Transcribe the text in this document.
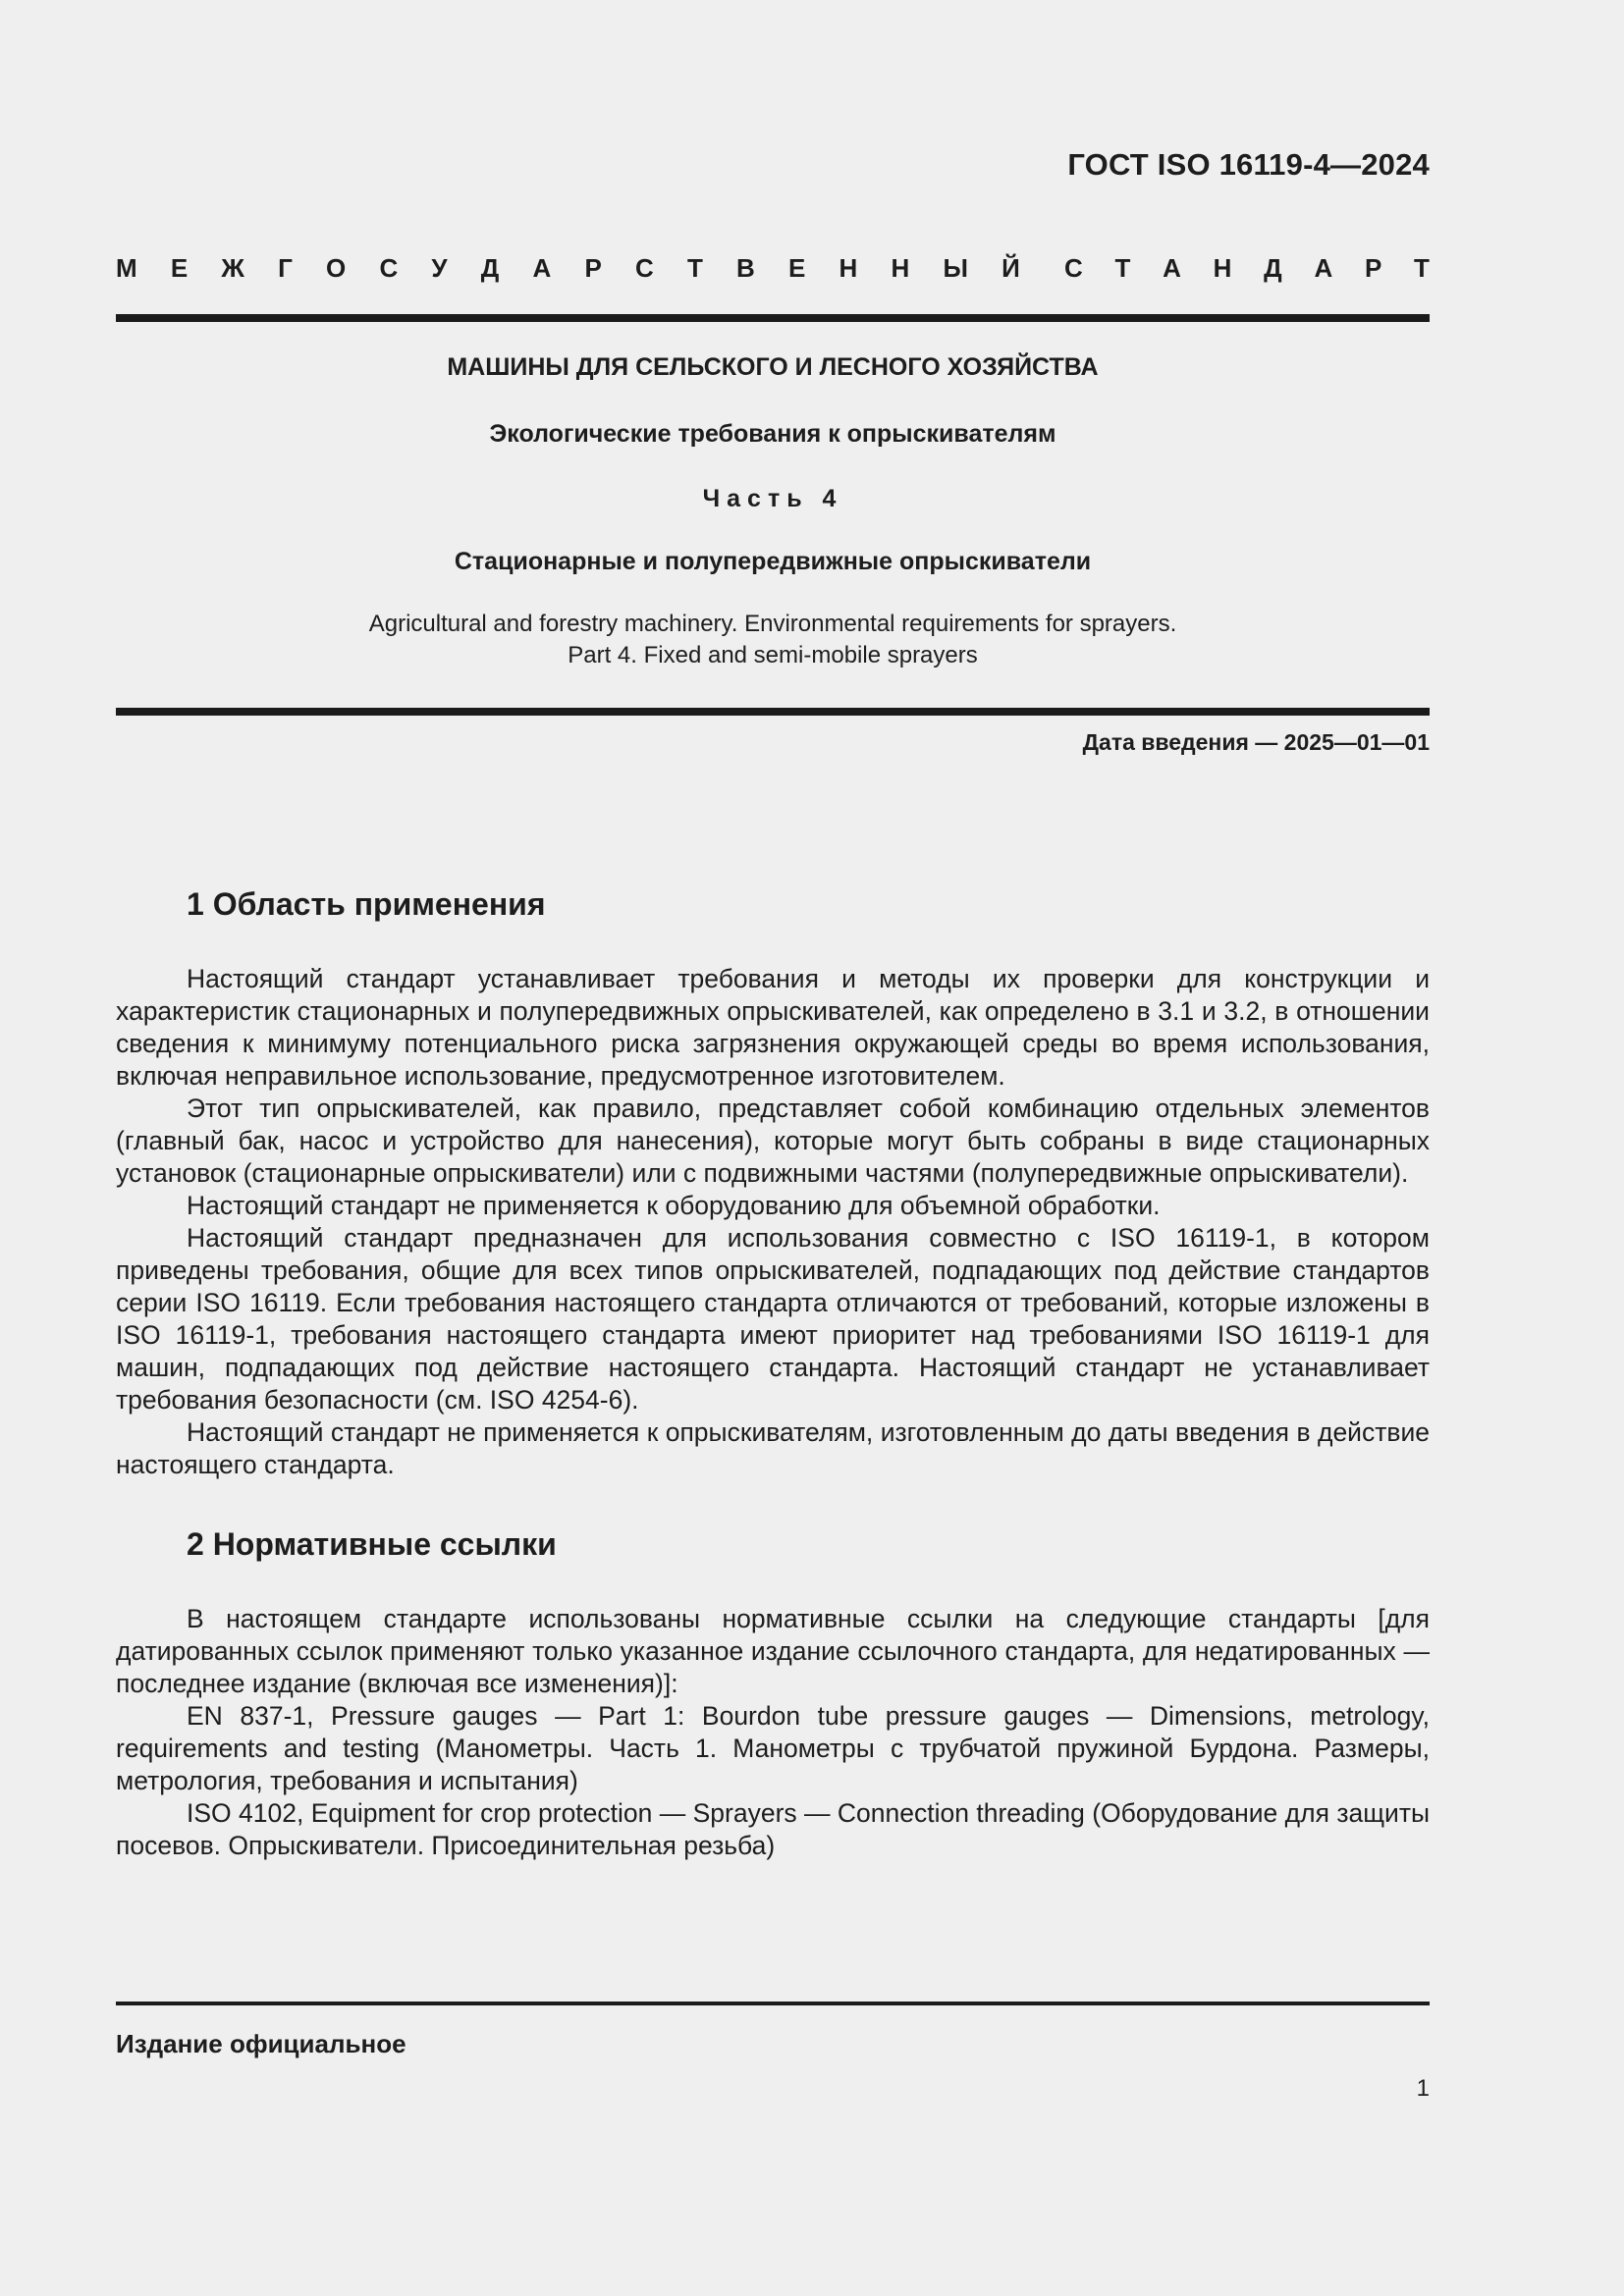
ГОСТ ISO 16119-4—2024
М Е Ж Г О С У Д А Р С Т В Е Н Н Ы Й С Т А Н Д А Р Т
МАШИНЫ ДЛЯ СЕЛЬСКОГО И ЛЕСНОГО ХОЗЯЙСТВА
Экологические требования к опрыскивателям
Часть 4
Стационарные и полупередвижные опрыскиватели
Agricultural and forestry machinery. Environmental requirements for sprayers.
Part 4. Fixed and semi-mobile sprayers
Дата введения — 2025—01—01
1 Область применения

Настоящий стандарт устанавливает требования и методы их проверки для конструкции и характеристик стационарных и полупередвижных опрыскивателей, как определено в 3.1 и 3.2, в отношении сведения к минимуму потенциального риска загрязнения окружающей среды во время использования, включая неправильное использование, предусмотренное изготовителем.

Этот тип опрыскивателей, как правило, представляет собой комбинацию отдельных элементов (главный бак, насос и устройство для нанесения), которые могут быть собраны в виде стационарных установок (стационарные опрыскиватели) или с подвижными частями (полупередвижные опрыскиватели).

Настоящий стандарт не применяется к оборудованию для объемной обработки.

Настоящий стандарт предназначен для использования совместно с ISO 16119-1, в котором приведены требования, общие для всех типов опрыскивателей, подпадающих под действие стандартов серии ISO 16119. Если требования настоящего стандарта отличаются от требований, которые изложены в ISO 16119-1, требования настоящего стандарта имеют приоритет над требованиями ISO 16119-1 для машин, подпадающих под действие настоящего стандарта. Настоящий стандарт не устанавливает требования безопасности (см. ISO 4254-6).

Настоящий стандарт не применяется к опрыскивателям, изготовленным до даты введения в действие настоящего стандарта.

2 Нормативные ссылки

В настоящем стандарте использованы нормативные ссылки на следующие стандарты [для датированных ссылок применяют только указанное издание ссылочного стандарта, для недатированных — последнее издание (включая все изменения)]:

EN 837-1, Pressure gauges — Part 1: Bourdon tube pressure gauges — Dimensions, metrology, requirements and testing (Манометры. Часть 1. Манометры с трубчатой пружиной Бурдона. Размеры, метрология, требования и испытания)

ISO 4102, Equipment for crop protection — Sprayers — Connection threading (Оборудование для защиты посевов. Опрыскиватели. Присоединительная резьба)

Издание официальное
1
